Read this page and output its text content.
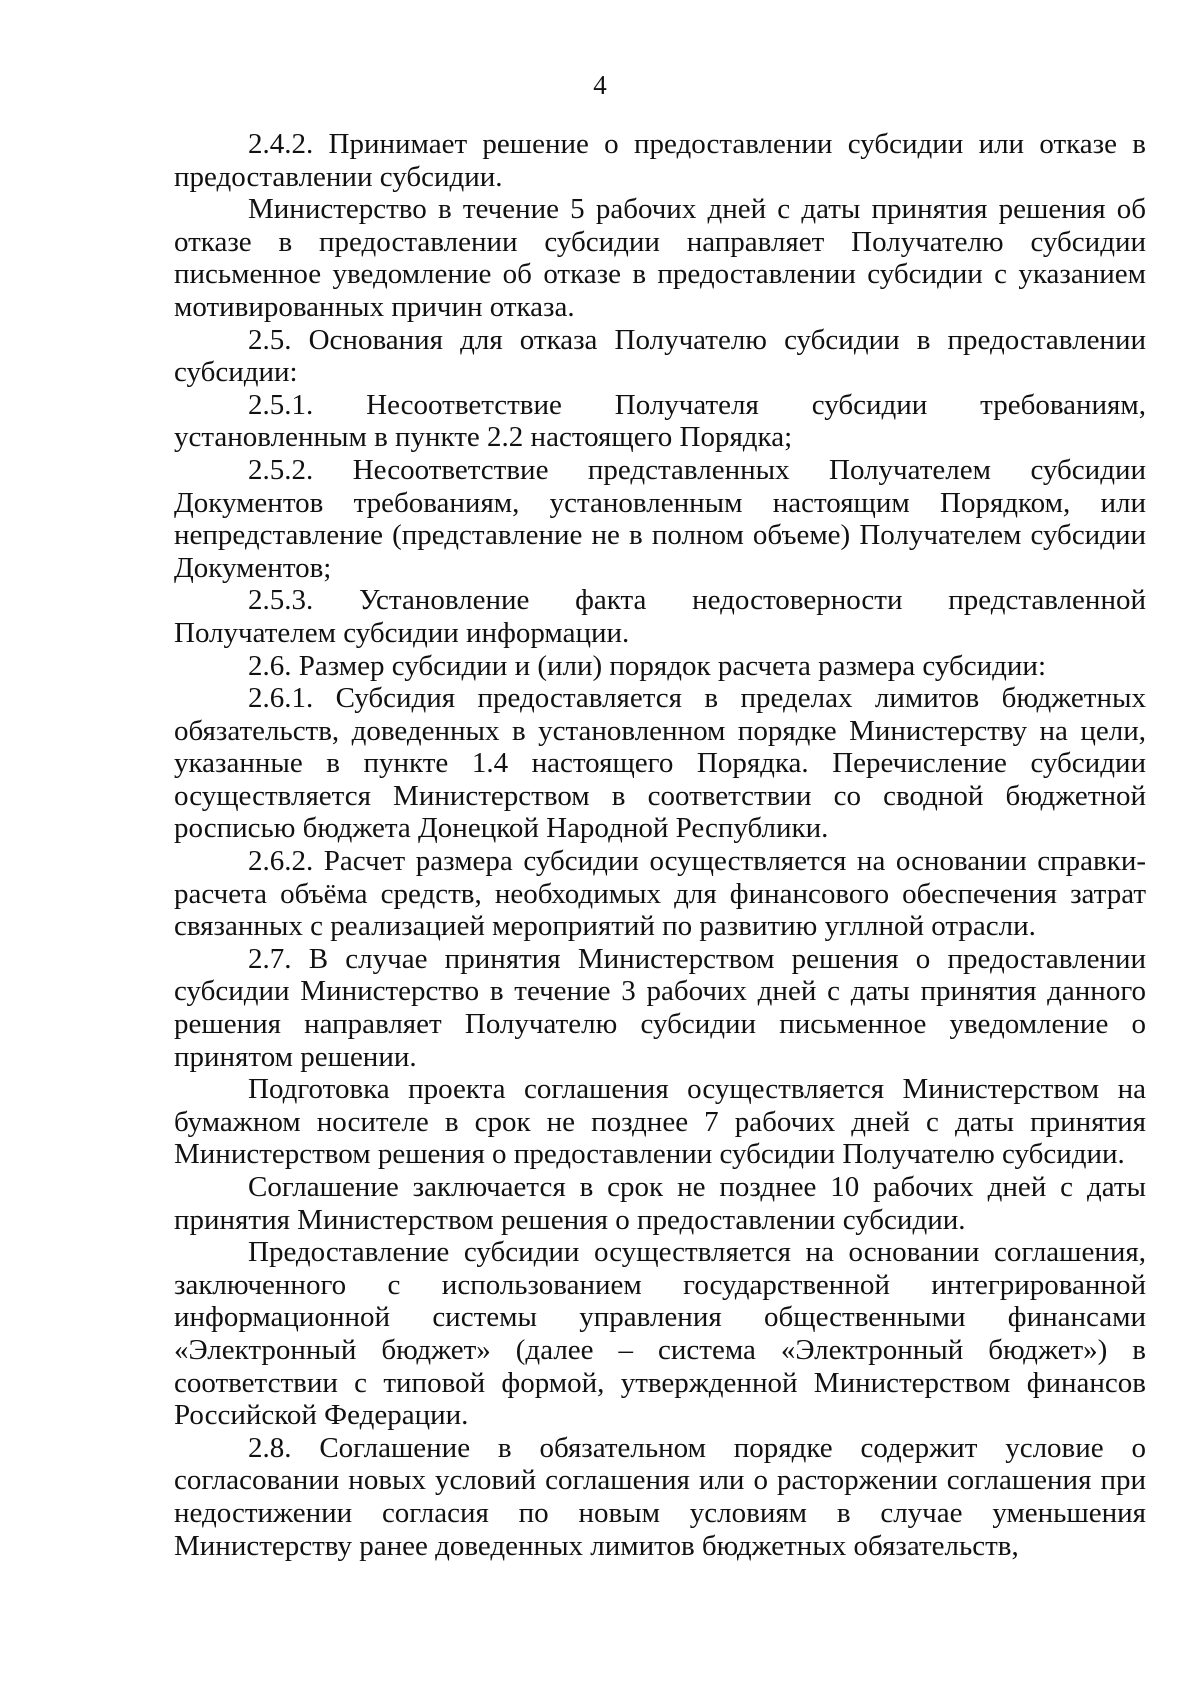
4

2.4.2. Принимает решение о предоставлении субсидии или отказе в предоставлении субсидии.

Министерство в течение 5 рабочих дней с даты принятия решения об отказе в предоставлении субсидии направляет Получателю субсидии письменное уведомление об отказе в предоставлении субсидии с указанием мотивированных причин отказа.

2.5. Основания для отказа Получателю субсидии в предоставлении субсидии:

2.5.1. Несоответствие Получателя субсидии требованиям, установленным в пункте 2.2 настоящего Порядка;

2.5.2. Несоответствие представленных Получателем субсидии Документов требованиям, установленным настоящим Порядком, или непредставление (представление не в полном объеме) Получателем субсидии Документов;

2.5.3. Установление факта недостоверности представленной Получателем субсидии информации.

2.6. Размер субсидии и (или) порядок расчета размера субсидии:

2.6.1. Субсидия предоставляется в пределах лимитов бюджетных обязательств, доведенных в установленном порядке Министерству на цели, указанные в пункте 1.4 настоящего Порядка. Перечисление субсидии осуществляется Министерством в соответствии со сводной бюджетной росписью бюджета Донецкой Народной Республики.

2.6.2. Расчет размера субсидии осуществляется на основании справки-расчета объёма средств, необходимых для финансового обеспечения затрат связанных с реализацией мероприятий по развитию угллной отрасли.

2.7. В случае принятия Министерством решения о предоставлении субсидии Министерство в течение 3 рабочих дней с даты принятия данного решения направляет Получателю субсидии письменное уведомление о принятом решении.

Подготовка проекта соглашения осуществляется Министерством на бумажном носителе в срок не позднее 7 рабочих дней с даты принятия Министерством решения о предоставлении субсидии Получателю субсидии.

Соглашение заключается в срок не позднее 10 рабочих дней с даты принятия Министерством решения о предоставлении субсидии.

Предоставление субсидии осуществляется на основании соглашения, заключенного с использованием государственной интегрированной информационной системы управления общественными финансами «Электронный бюджет» (далее – система «Электронный бюджет») в соответствии с типовой формой, утвержденной Министерством финансов Российской Федерации.

2.8. Соглашение в обязательном порядке содержит условие о согласовании новых условий соглашения или о расторжении соглашения при недостижении согласия по новым условиям в случае уменьшения Министерству ранее доведенных лимитов бюджетных обязательств,
